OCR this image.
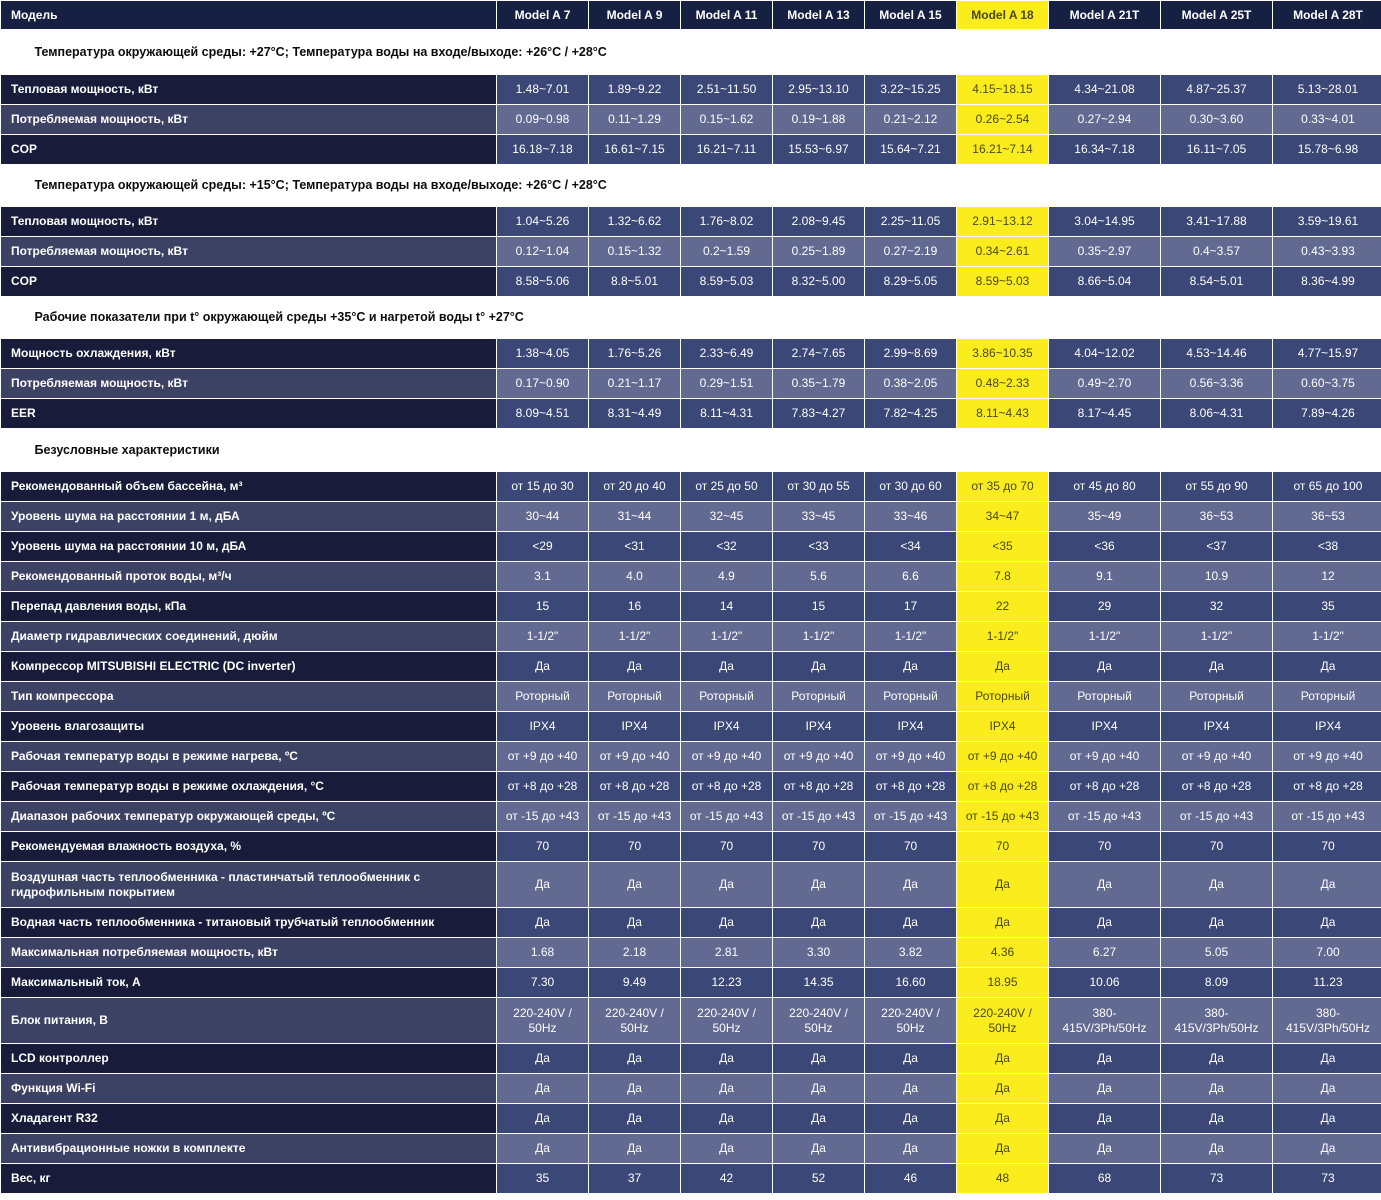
Модель	Model A 7	Model A 9	Model A 11	Model A 13	Model A 15	Model A 18	Model A 21T	Model A 25T	Model A 28T
Температура окружающей среды: +27°C; Температура воды на входе/выходе: +26°C / +28°C									
Тепловая мощность, кВт	1.48~7.01	1.89~9.22	2.51~11.50	2.95~13.10	3.22~15.25	4.15~18.15	4.34~21.08	4.87~25.37	5.13~28.01
Потребляемая мощность, кВт	0.09~0.98	0.11~1.29	0.15~1.62	0.19~1.88	0.21~2.12	0.26~2.54	0.27~2.94	0.30~3.60	0.33~4.01
COP	16.18~7.18	16.61~7.15	16.21~7.11	15.53~6.97	15.64~7.21	16.21~7.14	16.34~7.18	16.11~7.05	15.78~6.98
Температура окружающей среды: +15°C; Температура воды на входе/выходе: +26°C / +28°C									
Тепловая мощность, кВт	1.04~5.26	1.32~6.62	1.76~8.02	2.08~9.45	2.25~11.05	2.91~13.12	3.04~14.95	3.41~17.88	3.59~19.61
Потребляемая мощность, кВт	0.12~1.04	0.15~1.32	0.2~1.59	0.25~1.89	0.27~2.19	0.34~2.61	0.35~2.97	0.4~3.57	0.43~3.93
COP	8.58~5.06	8.8~5.01	8.59~5.03	8.32~5.00	8.29~5.05	8.59~5.03	8.66~5.04	8.54~5.01	8.36~4.99
Рабочие показатели при t° окружающей среды +35°C и нагретой воды t° +27°C									
Мощность охлаждения, кВт	1.38~4.05	1.76~5.26	2.33~6.49	2.74~7.65	2.99~8.69	3.86~10.35	4.04~12.02	4.53~14.46	4.77~15.97
Потребляемая мощность, кВт	0.17~0.90	0.21~1.17	0.29~1.51	0.35~1.79	0.38~2.05	0.48~2.33	0.49~2.70	0.56~3.36	0.60~3.75
EER	8.09~4.51	8.31~4.49	8.11~4.31	7.83~4.27	7.82~4.25	8.11~4.43	8.17~4.45	8.06~4.31	7.89~4.26
Безусловные характеристики									
Рекомендованный объем бассейна, м³	от 15 до 30	от 20 до 40	от 25 до 50	от 30 до 55	от 30 до 60	от 35 до 70	от 45 до 80	от 55 до 90	от 65 до 100
Уровень шума на расстоянии 1 м, дБА	30~44	31~44	32~45	33~45	33~46	34~47	35~49	36~53	36~53
Уровень шума на расстоянии 10 м, дБА	<29	<31	<32	<33	<34	<35	<36	<37	<38
Рекомендованный проток воды, м³/ч	3.1	4.0	4.9	5.6	6.6	7.8	9.1	10.9	12
Перепад давления воды, кПа	15	16	14	15	17	22	29	32	35
Диаметр гидравлических соединений, дюйм	1-1/2"	1-1/2"	1-1/2"	1-1/2"	1-1/2"	1-1/2"	1-1/2"	1-1/2"	1-1/2"
Компрессор MITSUBISHI ELECTRIC (DC inverter)	Да	Да	Да	Да	Да	Да	Да	Да	Да
Тип компрессора	Роторный	Роторный	Роторный	Роторный	Роторный	Роторный	Роторный	Роторный	Роторный
Уровень влагозащиты	IPX4	IPX4	IPX4	IPX4	IPX4	IPX4	IPX4	IPX4	IPX4
Рабочая температур воды в режиме нагрева, ºC	от +9 до +40	от +9 до +40	от +9 до +40	от +9 до +40	от +9 до +40	от +9 до +40	от +9 до +40	от +9 до +40	от +9 до +40
Рабочая температур воды в режиме охлаждения, °C	от +8 до +28	от +8 до +28	от +8 до +28	от +8 до +28	от +8 до +28	от +8 до +28	от +8 до +28	от +8 до +28	от +8 до +28
Диапазон рабочих температур окружающей среды, ºC	от -15 до +43	от -15 до +43	от -15 до +43	от -15 до +43	от -15 до +43	от -15 до +43	от -15 до +43	от -15 до +43	от -15 до +43
Рекомендуемая влажность воздуха, %	70	70	70	70	70	70	70	70	70
Воздушная часть теплообменника - пластинчатый теплообменник с гидрофильным покрытием	Да	Да	Да	Да	Да	Да	Да	Да	Да
Водная часть теплообменника - титановый трубчатый теплообменник	Да	Да	Да	Да	Да	Да	Да	Да	Да
Максимальная потребляемая мощность, кВт	1.68	2.18	2.81	3.30	3.82	4.36	6.27	5.05	7.00
Максимальный ток, А	7.30	9.49	12.23	14.35	16.60	18.95	10.06	8.09	11.23
Блок питания, В	220-240V / 50Hz	220-240V / 50Hz	220-240V / 50Hz	220-240V / 50Hz	220-240V / 50Hz	220-240V / 50Hz	380-415V/3Ph/50Hz	380-415V/3Ph/50Hz	380-415V/3Ph/50Hz
LCD контроллер	Да	Да	Да	Да	Да	Да	Да	Да	Да
Функция Wi-Fi	Да	Да	Да	Да	Да	Да	Да	Да	Да
Хладагент R32	Да	Да	Да	Да	Да	Да	Да	Да	Да
Антивибрационные ножки в комплекте	Да	Да	Да	Да	Да	Да	Да	Да	Да
Вес, кг	35	37	42	52	46	48	68	73	73
